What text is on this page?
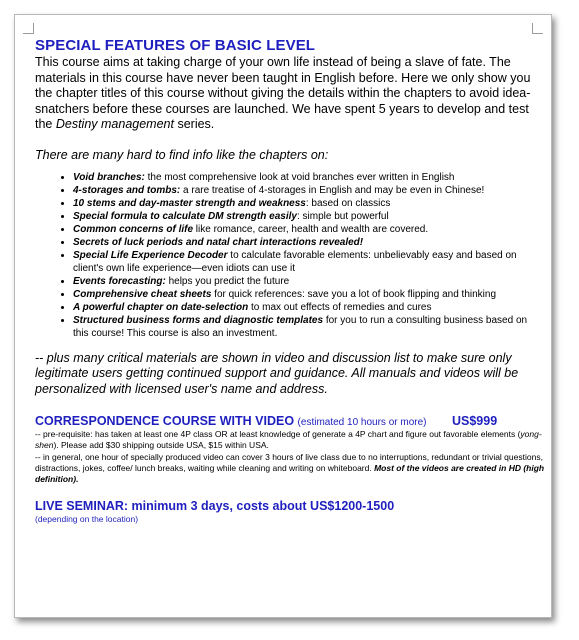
SPECIAL FEATURES OF BASIC LEVEL

This course aims at taking charge of your own life instead of being a slave of fate. The materials in this course have never been taught in English before. Here we only show you the chapter titles of this course without giving the details within the chapters to avoid idea-snatchers before these courses are launched. We have spent 5 years to develop and test the Destiny management series.

There are many hard to find info like the chapters on:

• Void branches: the most comprehensive look at void branches ever written in English
• 4-storages and tombs: a rare treatise of 4-storages in English and may be even in Chinese!
• 10 stems and day-master strength and weakness: based on classics
• Special formula to calculate DM strength easily: simple but powerful
• Common concerns of life like romance, career, health and wealth are covered.
• Secrets of luck periods and natal chart interactions revealed!
• Special Life Experience Decoder to calculate favorable elements: unbelievably easy and based on client's own life experience—even idiots can use it
• Events forecasting: helps you predict the future
• Comprehensive cheat sheets for quick references: save you a lot of book flipping and thinking
• A powerful chapter on date-selection to max out effects of remedies and cures
• Structured business forms and diagnostic templates for you to run a consulting business based on this course! This course is also an investment.

-- plus many critical materials are shown in video and discussion list to make sure only legitimate users getting continued support and guidance. All manuals and videos will be personalized with licensed user's name and address.

CORRESPONDENCE COURSE WITH VIDEO (estimated 10 hours or more) US$999

-- pre-requisite: has taken at least one 4P class OR at least knowledge of generate a 4P chart and figure out favorable elements (yong-shen). Please add $30 shipping outside USA, $15 within USA.

-- in general, one hour of specially produced video can cover 3 hours of live class due to no interruptions, redundant or trivial questions, distractions, jokes, coffee/ lunch breaks, waiting while cleaning and writing on whiteboard. Most of the videos are created in HD (high definition).

LIVE SEMINAR: minimum 3 days, costs about US$1200-1500
(depending on the location)
